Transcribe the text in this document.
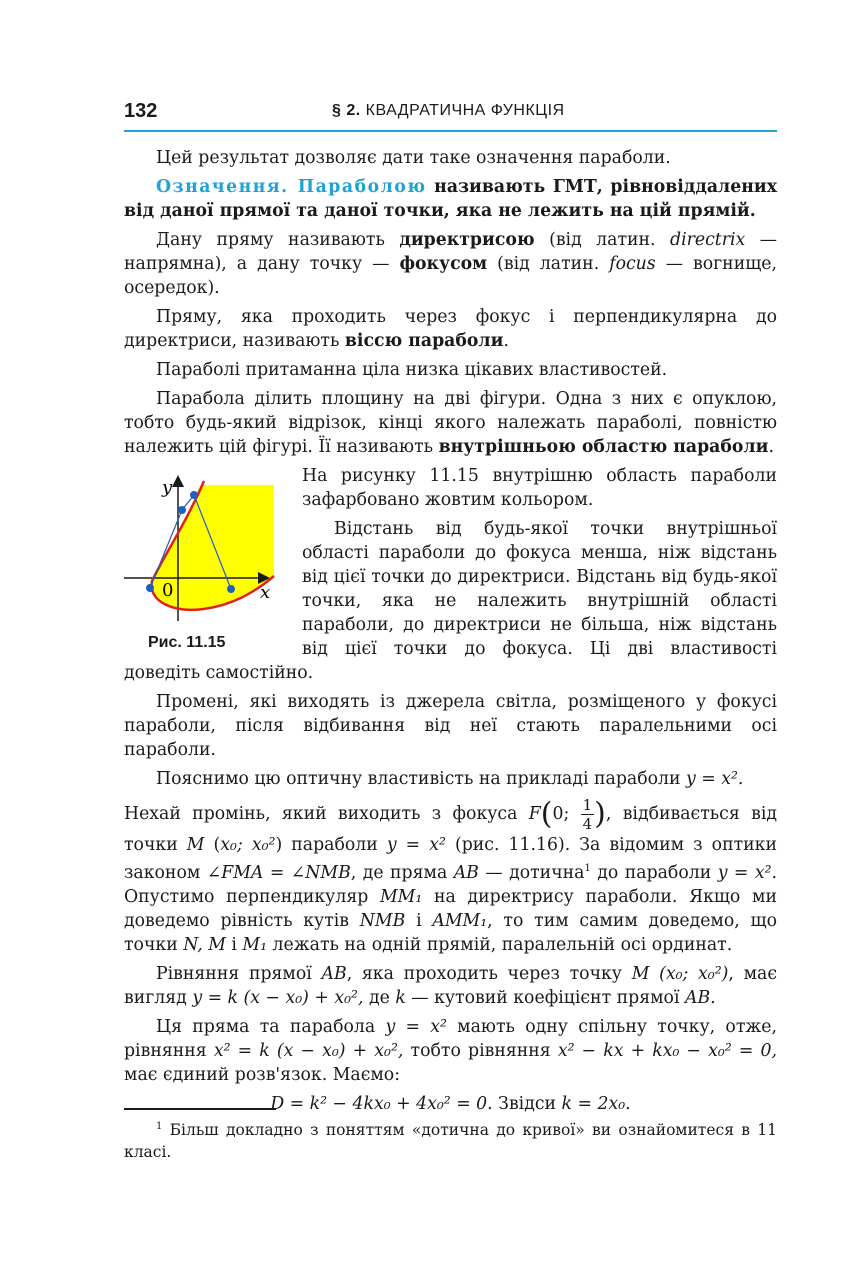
132	§ 2. КВАДРАТИЧНА ФУНКЦІЯ

Цей результат дозволяє дати таке означення параболи.

Означення. Параболою називають ГМТ, рівновіддалених від даної прямої та даної точки, яка не лежить на цій прямій.

Дану пряму називають директрисою (від латин. directrix — напрямна), а дану точку — фокусом (від латин. focus — вогнище, осередок).

Пряму, яка проходить через фокус і перпендикулярна до директриси, називають віссю параболи.

Параболі притаманна ціла низка цікавих властивостей.

Парабола ділить площину на дві фігури. Одна з них є опуклою, тобто будь-який відрізок, кінці якого належать параболі, повністю належить цій фігурі. Її називають внутрішньою областю параболи.

y
x
0
Рис. 11.15

На рисунку 11.15 внутрішню область параболи зафарбовано жовтим кольором.

Відстань від будь-якої точки внутрішньої області параболи до фокуса менша, ніж відстань від цієї точки до директриси. Відстань від будь-якої точки, яка не належить внутрішній області параболи, до директриси не більша, ніж відстань від цієї точки до фокуса. Ці дві властивості доведіть самостійно.

Промені, які виходять із джерела світла, розміщеного у фокусі параболи, після відбивання від неї стають паралельними осі параболи.

Пояснимо цю оптичну властивість на прикладі параболи y = x².

Нехай промінь, який виходить з фокуса F(0; $\frac{1}{4}$ ), відбивається від точки M (x₀; x₀²) параболи y = x² (рис. 11.16). За відомим з оптики законом ∠FMA = ∠NMB, де пряма AB — дотична$^1$ до параболи y = x². Опустимо перпендикуляр MM₁ на директрису параболи. Якщо ми доведемо рівність кутів NMB і AMM₁, то тим самим доведемо, що точки N, M і M₁ лежать на одній прямій, паралельній осі ординат.

Рівняння прямої AB, яка проходить через точку M (x₀; x₀²), має вигляд y = k (x − x₀) + x₀², де k — кутовий коефіцієнт прямої AB.

Ця пряма та парабола y = x² мають одну спільну точку, отже, рівняння x² = k (x − x₀) + x₀², тобто рівняння x² − kx + kx₀ − x₀² = 0, має єдиний розв'язок. Маємо:

D = k² − 4kx₀ + 4x₀² = 0. Звідси k = 2x₀.

$^1$ Більш докладно з поняттям «дотична до кривої» ви ознайомитеся в 11 класі.
